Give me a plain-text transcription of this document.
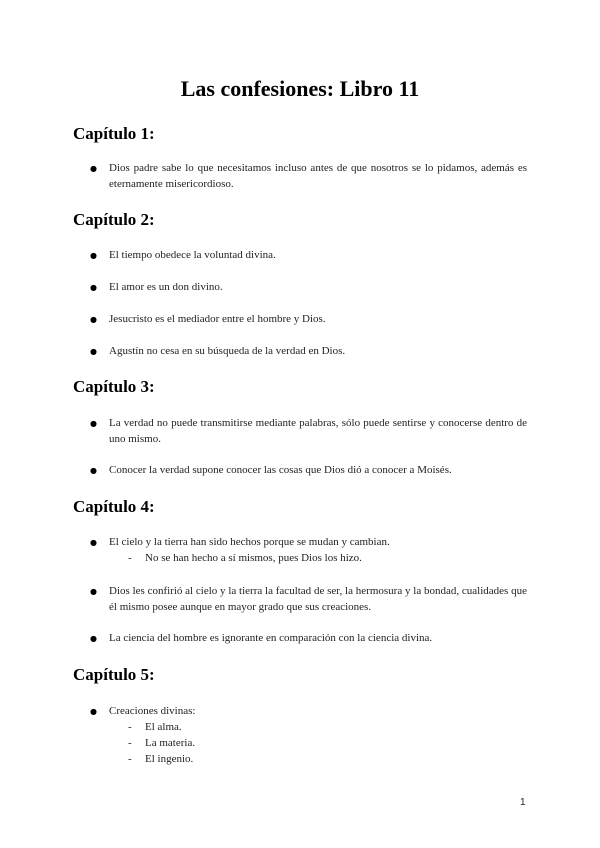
Las confesiones: Libro 11
Capítulo 1:
●	Dios padre sabe lo que necesitamos incluso antes de que nosotros se lo pidamos, además es eternamente misericordioso.

Capítulo 2:
●	El tiempo obedece la voluntad divina.

●	El amor es un don divino.

●	Jesucristo es el mediador entre el hombre y Dios.

●	Agustín no cesa en su búsqueda de la verdad en Dios.

Capítulo 3:
●	La verdad no puede transmitirse mediante palabras, sólo puede sentirse y conocerse dentro de uno mismo.

●	Conocer la verdad supone conocer las cosas que Dios dió a conocer a Moisés.

Capítulo 4:
●	El cielo y la tierra han sido hechos porque se mudan y cambian.

- No se han hecho a sí mismos, pues Dios los hizo.

●	Dios les confirió al cielo y la tierra la facultad de ser, la hermosura y la bondad, cualidades que él mismo posee aunque en mayor grado que sus creaciones.

●	La ciencia del hombre es ignorante en comparación con la ciencia divina.

Capítulo 5:
●	Creaciones divinas:

- El alma.

- La materia.

- El ingenio.

1
